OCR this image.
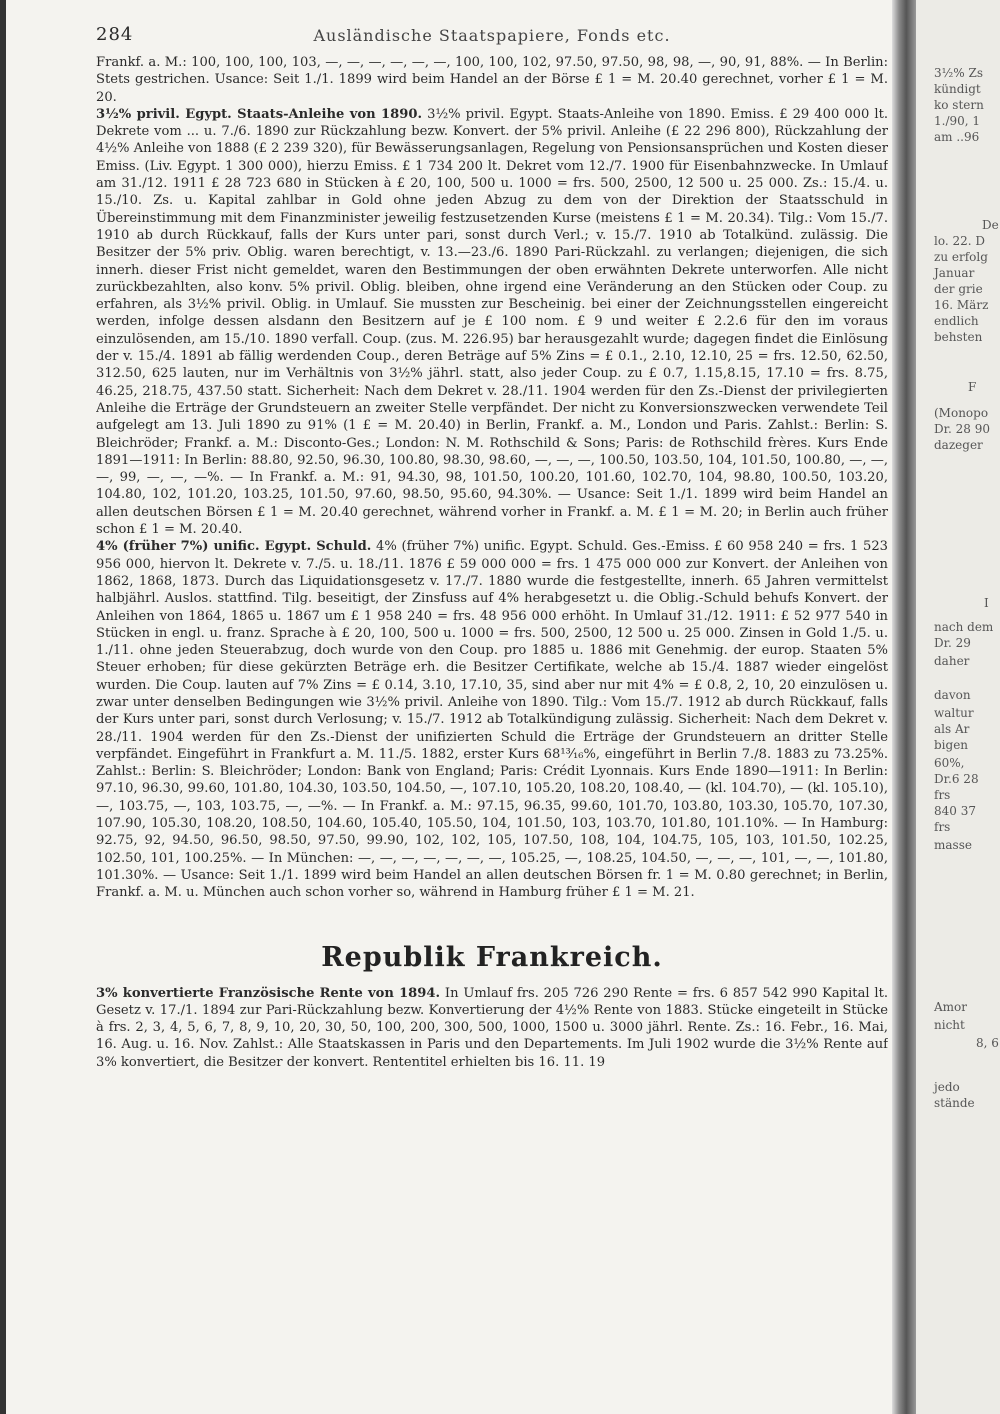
284	Ausländische Staatspapiere, Fonds etc.

Frankf. a. M.: 100, 100, 100, 103, —, —, —, —, —, —, 100, 100, 102, 97.50, 97.50, 98, 98, —, 90, 91, 88%. — In Berlin: Stets gestrichen. Usance: Seit 1./1. 1899 wird beim Handel an der Börse £ 1 = M. 20.40 gerechnet, vorher £ 1 = M. 20.

3½% privil. Egypt. Staats-Anleihe von 1890. 3½% privil. Egypt. Staats-Anleihe von 1890. Emiss. £ 29 400 000 lt. Dekrete vom ... u. 7./6. 1890 zur Rückzahlung bezw. Konvert. der 5% privil. Anleihe (£ 22 296 800), Rückzahlung der 4½% Anleihe von 1888 (£ 2 239 320), für Bewässerungsanlagen, Regelung von Pensionsansprüchen und Kosten dieser Emiss. (Liv. Egypt. 1 300 000), hierzu Emiss. £ 1 734 200 lt. Dekret vom 12./7. 1900 für Eisenbahnzwecke. In Umlauf am 31./12. 1911 £ 28 723 680 in Stücken à £ 20, 100, 500 u. 1000 = frs. 500, 2500, 12 500 u. 25 000. Zs.: 15./4. u. 15./10. Zs. u. Kapital zahlbar in Gold ohne jeden Abzug zu dem von der Direktion der Staatsschuld in Übereinstimmung mit dem Finanzminister jeweilig festzusetzenden Kurse (meistens £ 1 = M. 20.34). Tilg.: Vom 15./7. 1910 ab durch Rückkauf, falls der Kurs unter pari, sonst durch Verl.; v. 15./7. 1910 ab Totalkünd. zulässig. Die Besitzer der 5% priv. Oblig. waren berechtigt, v. 13.—23./6. 1890 Pari-Rückzahl. zu verlangen; diejenigen, die sich innerh. dieser Frist nicht gemeldet, waren den Bestimmungen der oben erwähnten Dekrete unterworfen. Alle nicht zurückbezahlten, also konv. 5% privil. Oblig. bleiben, ohne irgend eine Veränderung an den Stücken oder Coup. zu erfahren, als 3½% privil. Oblig. in Umlauf. Sie mussten zur Bescheinig. bei einer der Zeichnungsstellen eingereicht werden, infolge dessen alsdann den Besitzern auf je £ 100 nom. £ 9 und weiter £ 2.2.6 für den im voraus einzulösenden, am 15./10. 1890 verfall. Coup. (zus. M. 226.95) bar herausgezahlt wurde; dagegen findet die Einlösung der v. 15./4. 1891 ab fällig werdenden Coup., deren Beträge auf 5% Zins = £ 0.1., 2.10, 12.10, 25 = frs. 12.50, 62.50, 312.50, 625 lauten, nur im Verhältnis von 3½% jährl. statt, also jeder Coup. zu £ 0.7, 1.15,8.15, 17.10 = frs. 8.75, 46.25, 218.75, 437.50 statt. Sicherheit: Nach dem Dekret v. 28./11. 1904 werden für den Zs.-Dienst der privilegierten Anleihe die Erträge der Grundsteuern an zweiter Stelle verpfändet. Der nicht zu Konversionszwecken verwendete Teil aufgelegt am 13. Juli 1890 zu 91% (1 £ = M. 20.40) in Berlin, Frankf. a. M., London und Paris. Zahlst.: Berlin: S. Bleichröder; Frankf. a. M.: Disconto-Ges.; London: N. M. Rothschild & Sons; Paris: de Rothschild frères. Kurs Ende 1891—1911: In Berlin: 88.80, 92.50, 96.30, 100.80, 98.30, 98.60, —, —, —, 100.50, 103.50, 104, 101.50, 100.80, —, —, —, 99, —, —, —%. — In Frankf. a. M.: 91, 94.30, 98, 101.50, 100.20, 101.60, 102.70, 104, 98.80, 100.50, 103.20, 104.80, 102, 101.20, 103.25, 101.50, 97.60, 98.50, 95.60, 94.30%. — Usance: Seit 1./1. 1899 wird beim Handel an allen deutschen Börsen £ 1 = M. 20.40 gerechnet, während vorher in Frankf. a. M. £ 1 = M. 20; in Berlin auch früher schon £ 1 = M. 20.40.

4% (früher 7%) unific. Egypt. Schuld. 4% (früher 7%) unific. Egypt. Schuld. Ges.-Emiss. £ 60 958 240 = frs. 1 523 956 000, hiervon lt. Dekrete v. 7./5. u. 18./11. 1876 £ 59 000 000 = frs. 1 475 000 000 zur Konvert. der Anleihen von 1862, 1868, 1873. Durch das Liquidationsgesetz v. 17./7. 1880 wurde die festgestellte, innerh. 65 Jahren vermittelst halbjährl. Auslos. stattfind. Tilg. beseitigt, der Zinsfuss auf 4% herabgesetzt u. die Oblig.-Schuld behufs Konvert. der Anleihen von 1864, 1865 u. 1867 um £ 1 958 240 = frs. 48 956 000 erhöht. In Umlauf 31./12. 1911: £ 52 977 540 in Stücken in engl. u. franz. Sprache à £ 20, 100, 500 u. 1000 = frs. 500, 2500, 12 500 u. 25 000. Zinsen in Gold 1./5. u. 1./11. ohne jeden Steuerabzug, doch wurde von den Coup. pro 1885 u. 1886 mit Genehmig. der europ. Staaten 5% Steuer erhoben; für diese gekürzten Beträge erh. die Besitzer Certifikate, welche ab 15./4. 1887 wieder eingelöst wurden. Die Coup. lauten auf 7% Zins = £ 0.14, 3.10, 17.10, 35, sind aber nur mit 4% = £ 0.8, 2, 10, 20 einzulösen u. zwar unter denselben Bedingungen wie 3½% privil. Anleihe von 1890. Tilg.: Vom 15./7. 1912 ab durch Rückkauf, falls der Kurs unter pari, sonst durch Verlosung; v. 15./7. 1912 ab Totalkündigung zulässig. Sicherheit: Nach dem Dekret v. 28./11. 1904 werden für den Zs.-Dienst der unifizierten Schuld die Erträge der Grundsteuern an dritter Stelle verpfändet. Eingeführt in Frankfurt a. M. 11./5. 1882, erster Kurs 68¹³⁄₁₆%, eingeführt in Berlin 7./8. 1883 zu 73.25%. Zahlst.: Berlin: S. Bleichröder; London: Bank von England; Paris: Crédit Lyonnais. Kurs Ende 1890—1911: In Berlin: 97.10, 96.30, 99.60, 101.80, 104.30, 103.50, 104.50, —, 107.10, 105.20, 108.20, 108.40, — (kl. 104.70), — (kl. 105.10), —, 103.75, —, 103, 103.75, —, —%. — In Frankf. a. M.: 97.15, 96.35, 99.60, 101.70, 103.80, 103.30, 105.70, 107.30, 107.90, 105.30, 108.20, 108.50, 104.60, 105.40, 105.50, 104, 101.50, 103, 103.70, 101.80, 101.10%. — In Hamburg: 92.75, 92, 94.50, 96.50, 98.50, 97.50, 99.90, 102, 102, 105, 107.50, 108, 104, 104.75, 105, 103, 101.50, 102.25, 102.50, 101, 100.25%. — In München: —, —, —, —, —, —, —, 105.25, —, 108.25, 104.50, —, —, —, 101, —, —, 101.80, 101.30%. — Usance: Seit 1./1. 1899 wird beim Handel an allen deutschen Börsen fr. 1 = M. 0.80 gerechnet; in Berlin, Frankf. a. M. u. München auch schon vorher so, während in Hamburg früher £ 1 = M. 21.

Republik Frankreich.

3% konvertierte Französische Rente von 1894. In Umlauf frs. 205 726 290 Rente = frs. 6 857 542 990 Kapital lt. Gesetz v. 17./1. 1894 zur Pari-Rückzahlung bezw. Konvertierung der 4½% Rente von 1883. Stücke eingeteilt in Stücke à frs. 2, 3, 4, 5, 6, 7, 8, 9, 10, 20, 30, 50, 100, 200, 300, 500, 1000, 1500 u. 3000 jährl. Rente. Zs.: 16. Febr., 16. Mai, 16. Aug. u. 16. Nov. Zahlst.: Alle Staatskassen in Paris und den Departements. Im Juli 1902 wurde die 3½% Rente auf 3% konvertiert, die Besitzer der konvert. Rententitel erhielten bis 16. 11. 19

3½% Zs
kündigt
ko stern
1./90, 1
am ..96
De
lo. 22. D
zu erfolg
Januar
der grie
16. März
endlich
behsten
F
(Monopo
Dr. 28 90
dazeger
I
nach dem
Dr. 29
daher
davon
waltur
als Ar
bigen
60%,
Dr.6 28
frs
840 37
frs
masse
Amor
nicht
8, 6
jedo
stände
